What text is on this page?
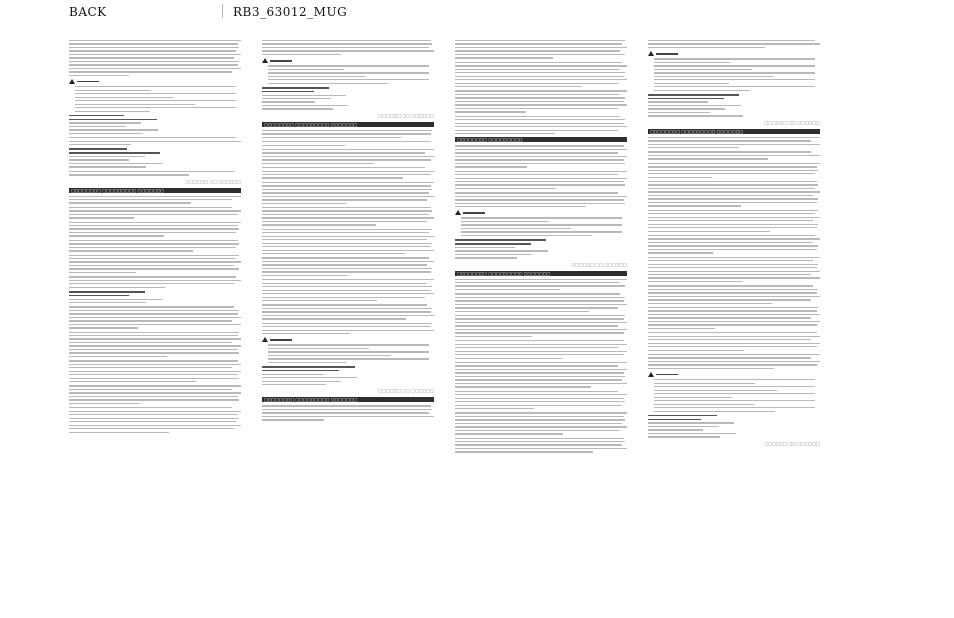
BACK	RB3_63012_MUG
□□□□□□ □□ □□□□□□
□□□□□□□□ □□□□□□□□□ □□□□□□□
□□□□□□ □□ □□□□□□
□□□□□□□□ □□□□□□□□□ □□□□□□□
□□□□□□ □□ □□□□□□
□□□□□□□□ □□□□□□□□□ □□□□□□□
□□□□□□□□ □□□□□□□□□
□□□□□□ □□ □□□□□□
□□□□□□□□ □□□□□□□□□ □□□□□□□
□□□□□□ □□ □□□□□□
□□□□□□□□ □□□□□□□□□ □□□□□□□
□□□□□□ □□ □□□□□□
